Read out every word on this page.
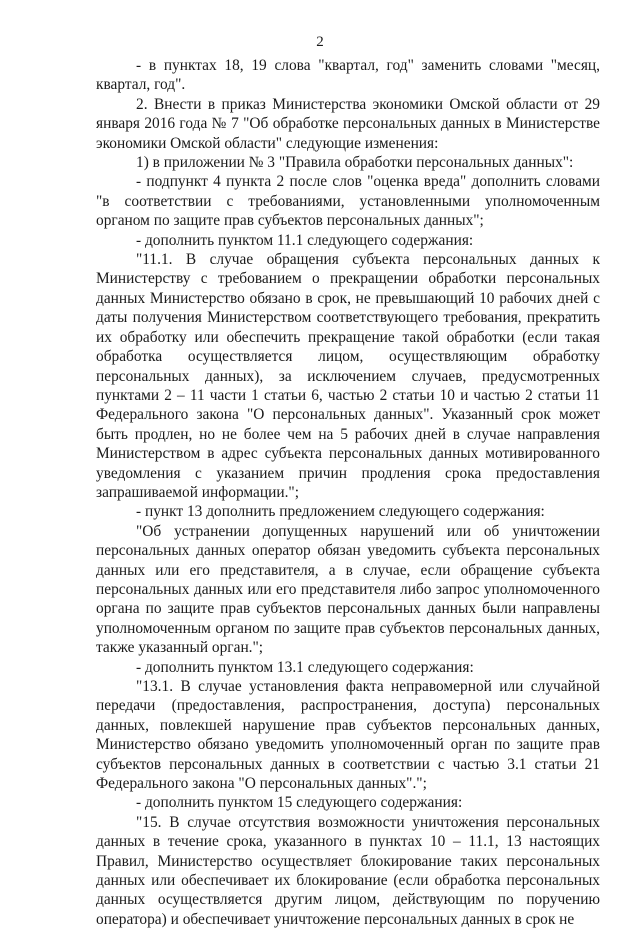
2

- в пунктах 18, 19 слова "квартал, год" заменить словами "месяц, квартал, год".

2. Внести в приказ Министерства экономики Омской области от 29 января 2016 года № 7 "Об обработке персональных данных в Министерстве экономики Омской области" следующие изменения:

1) в приложении № 3 "Правила обработки персональных данных":

- подпункт 4 пункта 2 после слов "оценка вреда" дополнить словами "в соответствии с требованиями, установленными уполномоченным органом по защите прав субъектов персональных данных";

- дополнить пунктом 11.1 следующего содержания:

"11.1. В случае обращения субъекта персональных данных к Министерству с требованием о прекращении обработки персональных данных Министерство обязано в срок, не превышающий 10 рабочих дней с даты получения Министерством соответствующего требования, прекратить их обработку или обеспечить прекращение такой обработки (если такая обработка осуществляется лицом, осуществляющим обработку персональных данных), за исключением случаев, предусмотренных пунктами 2 – 11 части 1 статьи 6, частью 2 статьи 10 и частью 2 статьи 11 Федерального закона "О персональных данных". Указанный срок может быть продлен, но не более чем на 5 рабочих дней в случае направления Министерством в адрес субъекта персональных данных мотивированного уведомления с указанием причин продления срока предоставления запрашиваемой информации.";

- пункт 13 дополнить предложением следующего содержания:

"Об устранении допущенных нарушений или об уничтожении персональных данных оператор обязан уведомить субъекта персональных данных или его представителя, а в случае, если обращение субъекта персональных данных или его представителя либо запрос уполномоченного органа по защите прав субъектов персональных данных были направлены уполномоченным органом по защите прав субъектов персональных данных, также указанный орган.";

- дополнить пунктом 13.1 следующего содержания:

"13.1. В случае установления факта неправомерной или случайной передачи (предоставления, распространения, доступа) персональных данных, повлекшей нарушение прав субъектов персональных данных, Министерство обязано уведомить уполномоченный орган по защите прав субъектов персональных данных в соответствии с частью 3.1 статьи 21 Федерального закона "О персональных данных".";

- дополнить пунктом 15 следующего содержания:

"15. В случае отсутствия возможности уничтожения персональных данных в течение срока, указанного в пунктах 10 – 11.1, 13 настоящих Правил, Министерство осуществляет блокирование таких персональных данных или обеспечивает их блокирование (если обработка персональных данных осуществляется другим лицом, действующим по поручению оператора) и обеспечивает уничтожение персональных данных в срок не
